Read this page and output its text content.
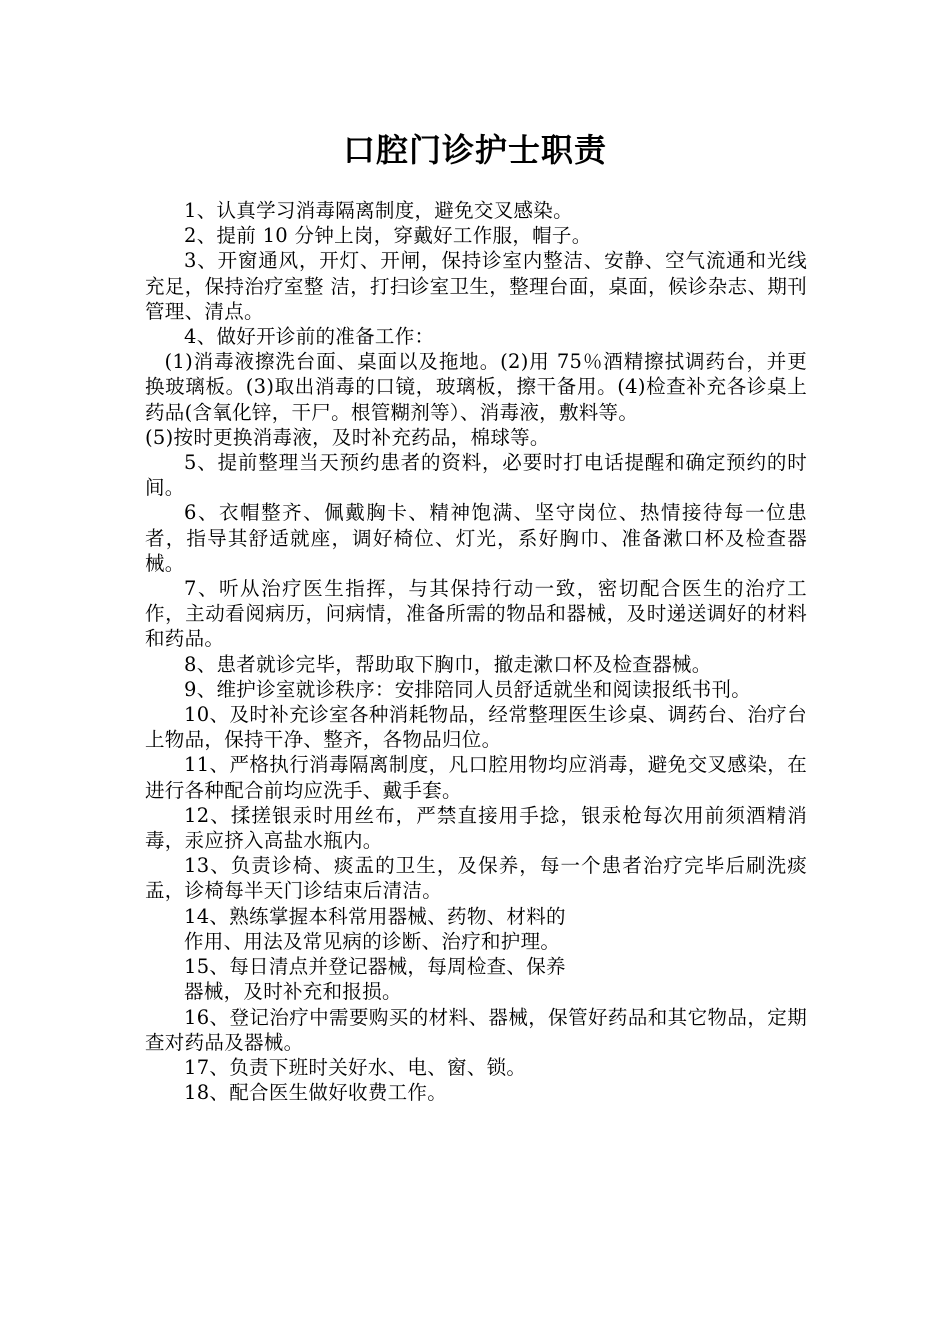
口腔门诊护士职责

1、认真学习消毒隔离制度，避免交叉感染。

2、提前 10 分钟上岗，穿戴好工作服，帽子。

3、开窗通风，开灯、开闸，保持诊室内整洁、安静、空气流通和光线充足，保持治疗室整 洁，打扫诊室卫生，整理台面，桌面，候诊杂志、期刊管理、清点。

4、做好开诊前的准备工作：

(1)消毒液擦洗台面、桌面以及拖地。(2)用 75％酒精擦拭调药台，并更换玻璃板。(3)取出消毒的口镜，玻璃板，擦干备用。(4)检查补充各诊桌上药品(含氧化锌，干尸。根管糊剂等）、消毒液，敷料等。

(5)按时更换消毒液，及时补充药品，棉球等。

5、提前整理当天预约患者的资料，必要时打电话提醒和确定预约的时间。

6、衣帽整齐、佩戴胸卡、精神饱满、坚守岗位、热情接待每一位患者，指导其舒适就座，调好椅位、灯光，系好胸巾、准备漱口杯及检查器械。

7、听从治疗医生指挥，与其保持行动一致，密切配合医生的治疗工作，主动看阅病历，问病情，准备所需的物品和器械，及时递送调好的材料和药品。

8、患者就诊完毕，帮助取下胸巾，撤走漱口杯及检查器械。

9、维护诊室就诊秩序：安排陪同人员舒适就坐和阅读报纸书刊。

10、及时补充诊室各种消耗物品，经常整理医生诊桌、调药台、治疗台上物品，保持干净、整齐，各物品归位。

11、严格执行消毒隔离制度，凡口腔用物均应消毒，避免交叉感染，在进行各种配合前均应洗手、戴手套。

12、揉搓银汞时用丝布，严禁直接用手捻，银汞枪每次用前须酒精消毒，汞应挤入高盐水瓶内。

13、负责诊椅、痰盂的卫生，及保养，每一个患者治疗完毕后刷洗痰盂，诊椅每半天门诊结束后清洁。

14、熟练掌握本科常用器械、药物、材料的

作用、用法及常见病的诊断、治疗和护理。

15、每日清点并登记器械，每周检查、保养

器械，及时补充和报损。

16、登记治疗中需要购买的材料、器械，保管好药品和其它物品，定期查对药品及器械。

17、负责下班时关好水、电、窗、锁。

18、配合医生做好收费工作。
